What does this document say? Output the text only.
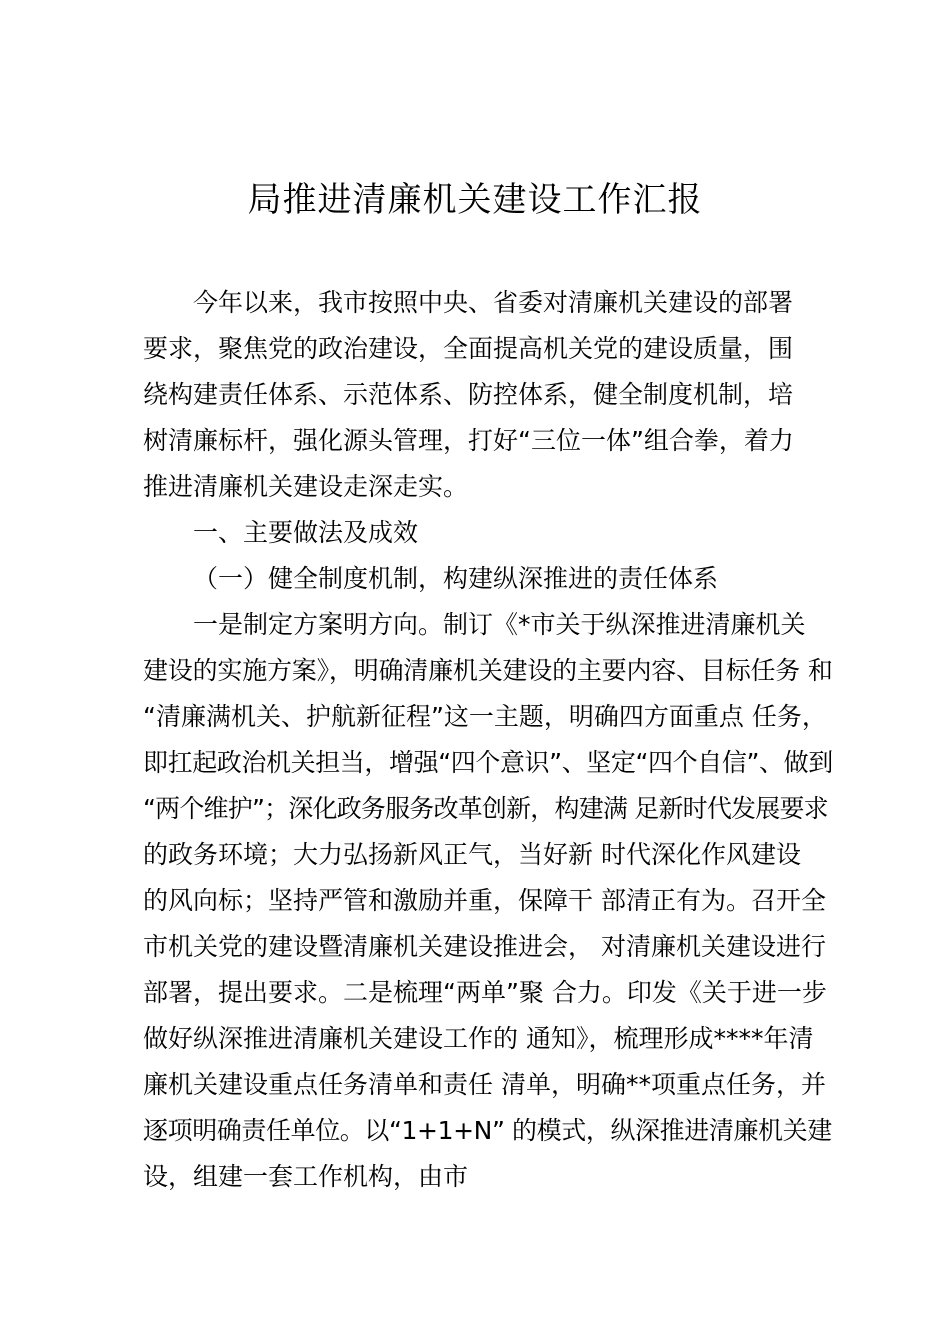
局推进清廉机关建设工作汇报
今年以来，我市按照中央、省委对清廉机关建设的部署
要求，聚焦党的政治建设，全面提高机关党的建设质量，围
绕构建责任体系、示范体系、防控体系，健全制度机制，培
树清廉标杆，强化源头管理，打好“三位一体”组合拳，着力
推进清廉机关建设走深走实。
一、主要做法及成效
（一）健全制度机制，构建纵深推进的责任体系
一是制定方案明方向。制订《*市关于纵深推进清廉机关
建设的实施方案》，明确清廉机关建设的主要内容、目标任务 和
“清廉满机关、护航新征程”这一主题，明确四方面重点 任务，
即扛起政治机关担当，增强“四个意识”、坚定“四个自信”、做到
“两个维护”；深化政务服务改革创新，构建满 足新时代发展要求
的政务环境；大力弘扬新风正气，当好新 时代深化作风建设
的风向标；坚持严管和激励并重，保障干 部清正有为。召开全
市机关党的建设暨清廉机关建设推进会， 对清廉机关建设进行
部署，提出要求。二是梳理“两单”聚 合力。印发《关于进一步
做好纵深推进清廉机关建设工作的 通知》，梳理形成****年清
廉机关建设重点任务清单和责任 清单，明确**项重点任务，并
逐项明确责任单位。以“1+1+N” 的模式，纵深推进清廉机关建
设，组建一套工作机构，由市
